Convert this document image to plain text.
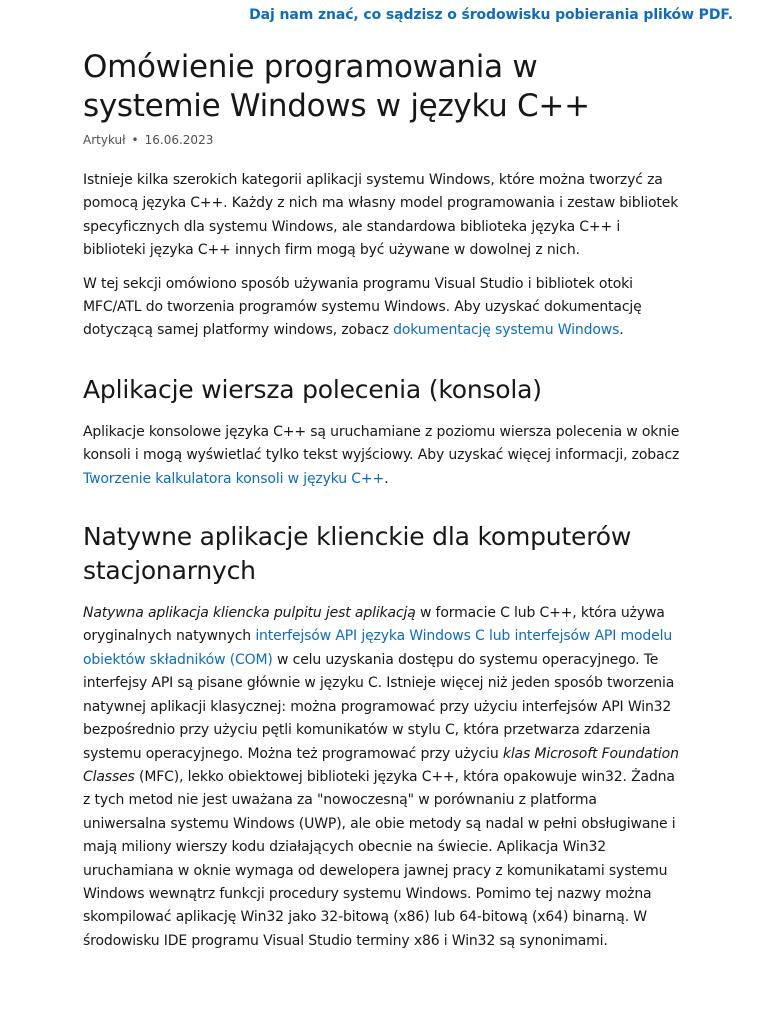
Daj nam znać, co sądzisz o środowisku pobierania plików PDF.
Omówienie programowania w systemie Windows w języku C++
Artykuł • 16.06.2023

Istnieje kilka szerokich kategorii aplikacji systemu Windows, które można tworzyć za pomocą języka C++. Każdy z nich ma własny model programowania i zestaw bibliotek specyficznych dla systemu Windows, ale standardowa biblioteka języka C++ i biblioteki języka C++ innych firm mogą być używane w dowolnej z nich.

W tej sekcji omówiono sposób używania programu Visual Studio i bibliotek otoki MFC/ATL do tworzenia programów systemu Windows. Aby uzyskać dokumentację dotyczącą samej platformy windows, zobacz dokumentację systemu Windows.

Aplikacje wiersza polecenia (konsola)

Aplikacje konsolowe języka C++ są uruchamiane z poziomu wiersza polecenia w oknie konsoli i mogą wyświetlać tylko tekst wyjściowy. Aby uzyskać więcej informacji, zobacz Tworzenie kalkulatora konsoli w języku C++.

Natywne aplikacje klienckie dla komputerów stacjonarnych

Natywna aplikacja kliencka pulpitu jest aplikacją w formacie C lub C++, która używa oryginalnych natywnych interfejsów API języka Windows C lub interfejsów API modelu obiektów składników (COM) w celu uzyskania dostępu do systemu operacyjnego. Te interfejsy API są pisane głównie w języku C. Istnieje więcej niż jeden sposób tworzenia natywnej aplikacji klasycznej: można programować przy użyciu interfejsów API Win32 bezpośrednio przy użyciu pętli komunikatów w stylu C, która przetwarza zdarzenia systemu operacyjnego. Można też programować przy użyciu klas Microsoft Foundation Classes (MFC), lekko obiektowej biblioteki języka C++, która opakowuje win32. Żadna z tych metod nie jest uważana za "nowoczesną" w porównaniu z platforma uniwersalna systemu Windows (UWP), ale obie metody są nadal w pełni obsługiwane i mają miliony wierszy kodu działających obecnie na świecie. Aplikacja Win32 uruchamiana w oknie wymaga od dewelopera jawnej pracy z komunikatami systemu Windows wewnątrz funkcji procedury systemu Windows. Pomimo tej nazwy można skompilować aplikację Win32 jako 32-bitową (x86) lub 64-bitową (x64) binarną. W środowisku IDE programu Visual Studio terminy x86 i Win32 są synonimami.
